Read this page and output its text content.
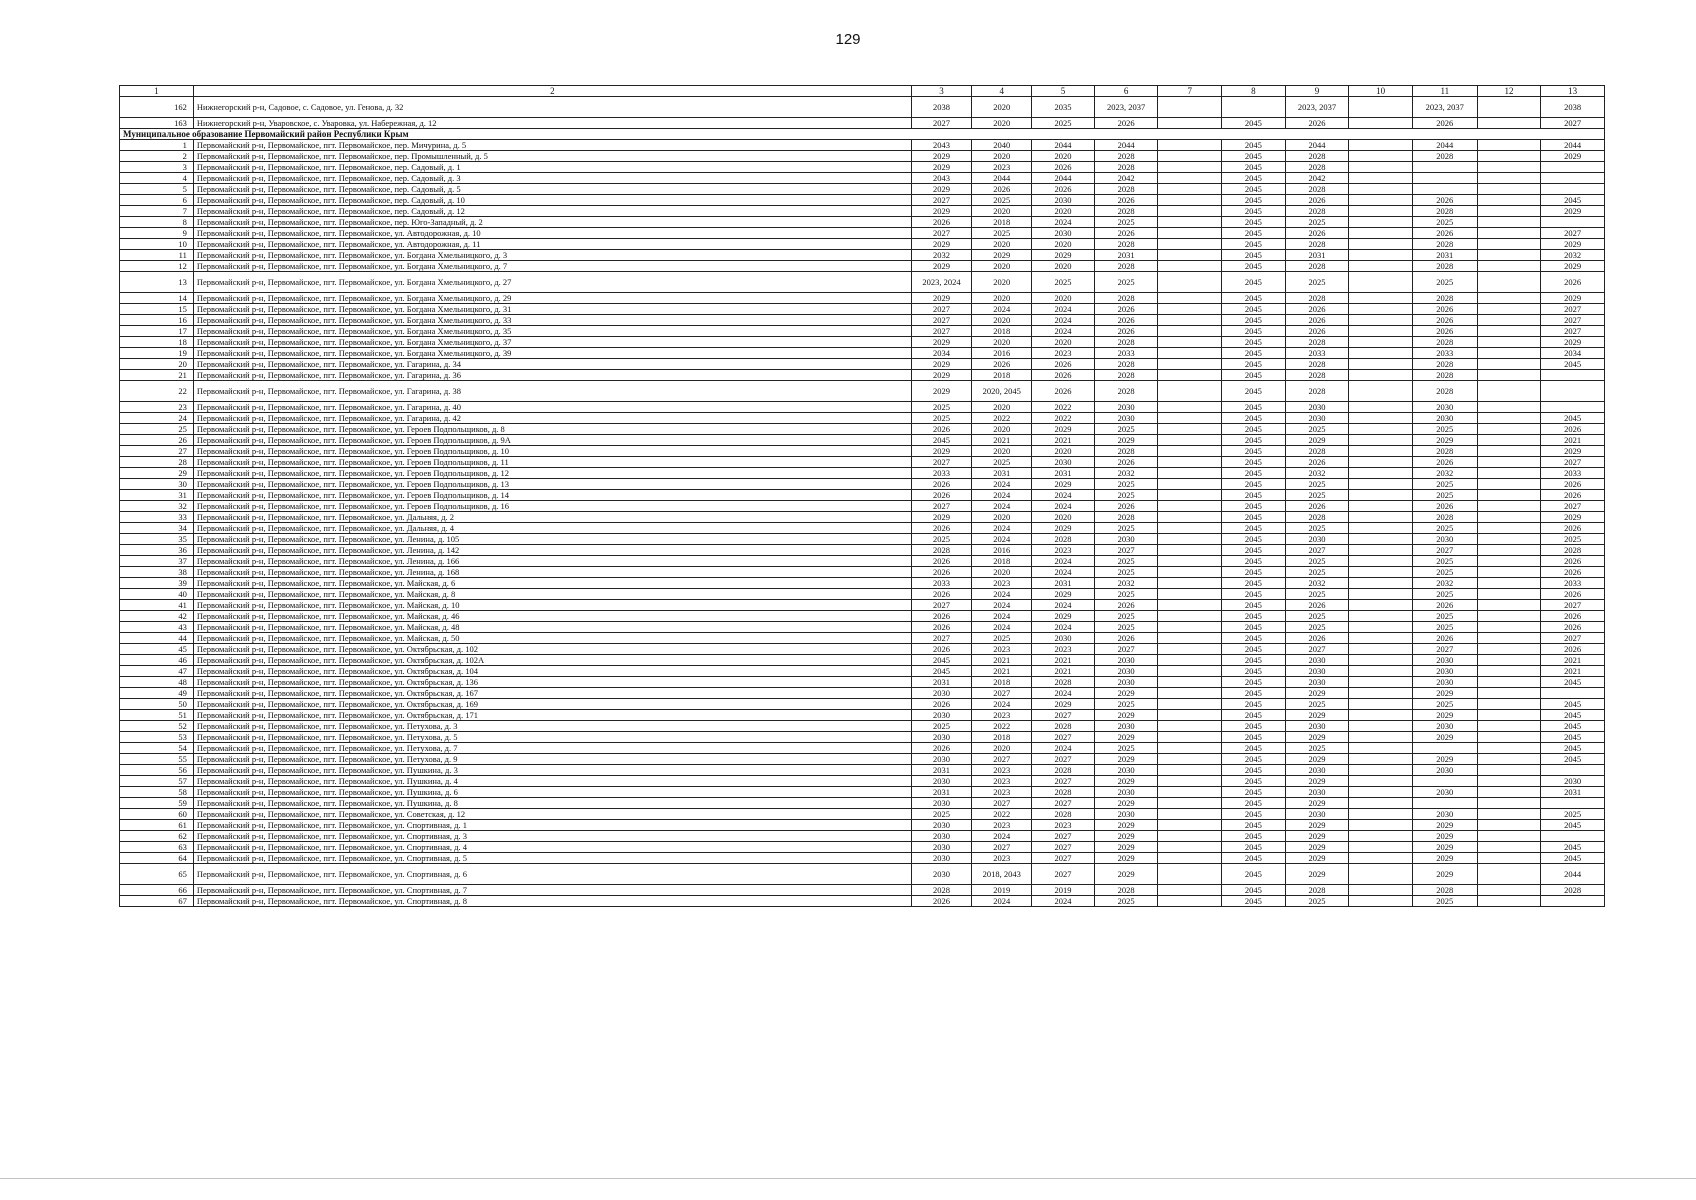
129
1	2	3	4	5	6	7	8	9	10	11	12	13
162	Нижнегорский р-н, Садовое, с. Садовое, ул. Генова, д. 32	2038	2020	2035	2023, 2037			2023, 2037		2023, 2037		2038
163	Нижнегорский р-н, Уваровское, с. Уваровка, ул. Набережная, д. 12	2027	2020	2025	2026		2045	2026		2026		2027
Муниципальное образование Первомайский район Республики Крым												
1	Первомайский р-н, Первомайское, пгт. Первомайское, пер. Мичурина, д. 5	2043	2040	2044	2044		2045	2044		2044		2044
2	Первомайский р-н, Первомайское, пгт. Первомайское, пер. Промышленный, д. 5	2029	2020	2020	2028		2045	2028		2028		2029
3	Первомайский р-н, Первомайское, пгт. Первомайское, пер. Садовый, д. 1	2029	2023	2026	2028		2045	2028				
4	Первомайский р-н, Первомайское, пгт. Первомайское, пер. Садовый, д. 3	2043	2044	2044	2042		2045	2042				
5	Первомайский р-н, Первомайское, пгт. Первомайское, пер. Садовый, д. 5	2029	2026	2026	2028		2045	2028				
6	Первомайский р-н, Первомайское, пгт. Первомайское, пер. Садовый, д. 10	2027	2025	2030	2026		2045	2026		2026		2045
7	Первомайский р-н, Первомайское, пгт. Первомайское, пер. Садовый, д. 12	2029	2020	2020	2028		2045	2028		2028		2029
8	Первомайский р-н, Первомайское, пгт. Первомайское, пер. Юго-Западный, д. 2	2026	2018	2024	2025		2045	2025		2025		
9	Первомайский р-н, Первомайское, пгт. Первомайское, ул. Автодорожная, д. 10	2027	2025	2030	2026		2045	2026		2026		2027
10	Первомайский р-н, Первомайское, пгт. Первомайское, ул. Автодорожная, д. 11	2029	2020	2020	2028		2045	2028		2028		2029
11	Первомайский р-н, Первомайское, пгт. Первомайское, ул. Богдана Хмельницкого, д. 3	2032	2029	2029	2031		2045	2031		2031		2032
12	Первомайский р-н, Первомайское, пгт. Первомайское, ул. Богдана Хмельницкого, д. 7	2029	2020	2020	2028		2045	2028		2028		2029
13	Первомайский р-н, Первомайское, пгт. Первомайское, ул. Богдана Хмельницкого, д. 27	2023, 2024	2020	2025	2025		2045	2025		2025		2026
14	Первомайский р-н, Первомайское, пгт. Первомайское, ул. Богдана Хмельницкого, д. 29	2029	2020	2020	2028		2045	2028		2028		2029
15	Первомайский р-н, Первомайское, пгт. Первомайское, ул. Богдана Хмельницкого, д. 31	2027	2024	2024	2026		2045	2026		2026		2027
16	Первомайский р-н, Первомайское, пгт. Первомайское, ул. Богдана Хмельницкого, д. 33	2027	2020	2024	2026		2045	2026		2026		2027
17	Первомайский р-н, Первомайское, пгт. Первомайское, ул. Богдана Хмельницкого, д. 35	2027	2018	2024	2026		2045	2026		2026		2027
18	Первомайский р-н, Первомайское, пгт. Первомайское, ул. Богдана Хмельницкого, д. 37	2029	2020	2020	2028		2045	2028		2028		2029
19	Первомайский р-н, Первомайское, пгт. Первомайское, ул. Богдана Хмельницкого, д. 39	2034	2016	2023	2033		2045	2033		2033		2034
20	Первомайский р-н, Первомайское, пгт. Первомайское, ул. Гагарина, д. 34	2029	2026	2026	2028		2045	2028		2028		2045
21	Первомайский р-н, Первомайское, пгт. Первомайское, ул. Гагарина, д. 36	2029	2018	2026	2028		2045	2028		2028		
22	Первомайский р-н, Первомайское, пгт. Первомайское, ул. Гагарина, д. 38	2029	2020, 2045	2026	2028		2045	2028		2028		
23	Первомайский р-н, Первомайское, пгт. Первомайское, ул. Гагарина, д. 40	2025	2020	2022	2030		2045	2030		2030		
24	Первомайский р-н, Первомайское, пгт. Первомайское, ул. Гагарина, д. 42	2025	2022	2022	2030		2045	2030		2030		2045
25	Первомайский р-н, Первомайское, пгт. Первомайское, ул. Героев Подпольщиков, д. 8	2026	2020	2029	2025		2045	2025		2025		2026
26	Первомайский р-н, Первомайское, пгт. Первомайское, ул. Героев Подпольщиков, д. 9А	2045	2021	2021	2029		2045	2029		2029		2021
27	Первомайский р-н, Первомайское, пгт. Первомайское, ул. Героев Подпольщиков, д. 10	2029	2020	2020	2028		2045	2028		2028		2029
28	Первомайский р-н, Первомайское, пгт. Первомайское, ул. Героев Подпольщиков, д. 11	2027	2025	2030	2026		2045	2026		2026		2027
29	Первомайский р-н, Первомайское, пгт. Первомайское, ул. Героев Подпольщиков, д. 12	2033	2031	2031	2032		2045	2032		2032		2033
30	Первомайский р-н, Первомайское, пгт. Первомайское, ул. Героев Подпольщиков, д. 13	2026	2024	2029	2025		2045	2025		2025		2026
31	Первомайский р-н, Первомайское, пгт. Первомайское, ул. Героев Подпольщиков, д. 14	2026	2024	2024	2025		2045	2025		2025		2026
32	Первомайский р-н, Первомайское, пгт. Первомайское, ул. Героев Подпольщиков, д. 16	2027	2024	2024	2026		2045	2026		2026		2027
33	Первомайский р-н, Первомайское, пгт. Первомайское, ул. Дальняя, д. 2	2029	2020	2020	2028		2045	2028		2028		2029
34	Первомайский р-н, Первомайское, пгт. Первомайское, ул. Дальняя, д. 4	2026	2024	2029	2025		2045	2025		2025		2026
35	Первомайский р-н, Первомайское, пгт. Первомайское, ул. Ленина, д. 105	2025	2024	2028	2030		2045	2030		2030		2025
36	Первомайский р-н, Первомайское, пгт. Первомайское, ул. Ленина, д. 142	2028	2016	2023	2027		2045	2027		2027		2028
37	Первомайский р-н, Первомайское, пгт. Первомайское, ул. Ленина, д. 166	2026	2018	2024	2025		2045	2025		2025		2026
38	Первомайский р-н, Первомайское, пгт. Первомайское, ул. Ленина, д. 168	2026	2020	2024	2025		2045	2025		2025		2026
39	Первомайский р-н, Первомайское, пгт. Первомайское, ул. Майская, д. 6	2033	2023	2031	2032		2045	2032		2032		2033
40	Первомайский р-н, Первомайское, пгт. Первомайское, ул. Майская, д. 8	2026	2024	2029	2025		2045	2025		2025		2026
41	Первомайский р-н, Первомайское, пгт. Первомайское, ул. Майская, д. 10	2027	2024	2024	2026		2045	2026		2026		2027
42	Первомайский р-н, Первомайское, пгт. Первомайское, ул. Майская, д. 46	2026	2024	2029	2025		2045	2025		2025		2026
43	Первомайский р-н, Первомайское, пгт. Первомайское, ул. Майская, д. 48	2026	2024	2024	2025		2045	2025		2025		2026
44	Первомайский р-н, Первомайское, пгт. Первомайское, ул. Майская, д. 50	2027	2025	2030	2026		2045	2026		2026		2027
45	Первомайский р-н, Первомайское, пгт. Первомайское, ул. Октябрьская, д. 102	2026	2023	2023	2027		2045	2027		2027		2026
46	Первомайский р-н, Первомайское, пгт. Первомайское, ул. Октябрьская, д. 102А	2045	2021	2021	2030		2045	2030		2030		2021
47	Первомайский р-н, Первомайское, пгт. Первомайское, ул. Октябрьская, д. 104	2045	2021	2021	2030		2045	2030		2030		2021
48	Первомайский р-н, Первомайское, пгт. Первомайское, ул. Октябрьская, д. 136	2031	2018	2028	2030		2045	2030		2030		2045
49	Первомайский р-н, Первомайское, пгт. Первомайское, ул. Октябрьская, д. 167	2030	2027	2024	2029		2045	2029		2029		
50	Первомайский р-н, Первомайское, пгт. Первомайское, ул. Октябрьская, д. 169	2026	2024	2029	2025		2045	2025		2025		2045
51	Первомайский р-н, Первомайское, пгт. Первомайское, ул. Октябрьская, д. 171	2030	2023	2027	2029		2045	2029		2029		2045
52	Первомайский р-н, Первомайское, пгт. Первомайское, ул. Петухова, д. 3	2025	2022	2028	2030		2045	2030		2030		2045
53	Первомайский р-н, Первомайское, пгт. Первомайское, ул. Петухова, д. 5	2030	2018	2027	2029		2045	2029		2029		2045
54	Первомайский р-н, Первомайское, пгт. Первомайское, ул. Петухова, д. 7	2026	2020	2024	2025		2045	2025				2045
55	Первомайский р-н, Первомайское, пгт. Первомайское, ул. Петухова, д. 9	2030	2027	2027	2029		2045	2029		2029		2045
56	Первомайский р-н, Первомайское, пгт. Первомайское, ул. Пушкина, д. 3	2031	2023	2028	2030		2045	2030		2030		
57	Первомайский р-н, Первомайское, пгт. Первомайское, ул. Пушкина, д. 4	2030	2023	2027	2029		2045	2029				2030
58	Первомайский р-н, Первомайское, пгт. Первомайское, ул. Пушкина, д. 6	2031	2023	2028	2030		2045	2030		2030		2031
59	Первомайский р-н, Первомайское, пгт. Первомайское, ул. Пушкина, д. 8	2030	2027	2027	2029		2045	2029				
60	Первомайский р-н, Первомайское, пгт. Первомайское, ул. Советская, д. 12	2025	2022	2028	2030		2045	2030		2030		2025
61	Первомайский р-н, Первомайское, пгт. Первомайское, ул. Спортивная, д. 1	2030	2023	2023	2029		2045	2029		2029		2045
62	Первомайский р-н, Первомайское, пгт. Первомайское, ул. Спортивная, д. 3	2030	2024	2027	2029		2045	2029		2029		
63	Первомайский р-н, Первомайское, пгт. Первомайское, ул. Спортивная, д. 4	2030	2027	2027	2029		2045	2029		2029		2045
64	Первомайский р-н, Первомайское, пгт. Первомайское, ул. Спортивная, д. 5	2030	2023	2027	2029		2045	2029		2029		2045
65	Первомайский р-н, Первомайское, пгт. Первомайское, ул. Спортивная, д. 6	2030	2018, 2043	2027	2029		2045	2029		2029		2044
66	Первомайский р-н, Первомайское, пгт. Первомайское, ул. Спортивная, д. 7	2028	2019	2019	2028		2045	2028		2028		2028
67	Первомайский р-н, Первомайское, пгт. Первомайское, ул. Спортивная, д. 8	2026	2024	2024	2025		2045	2025		2025		
